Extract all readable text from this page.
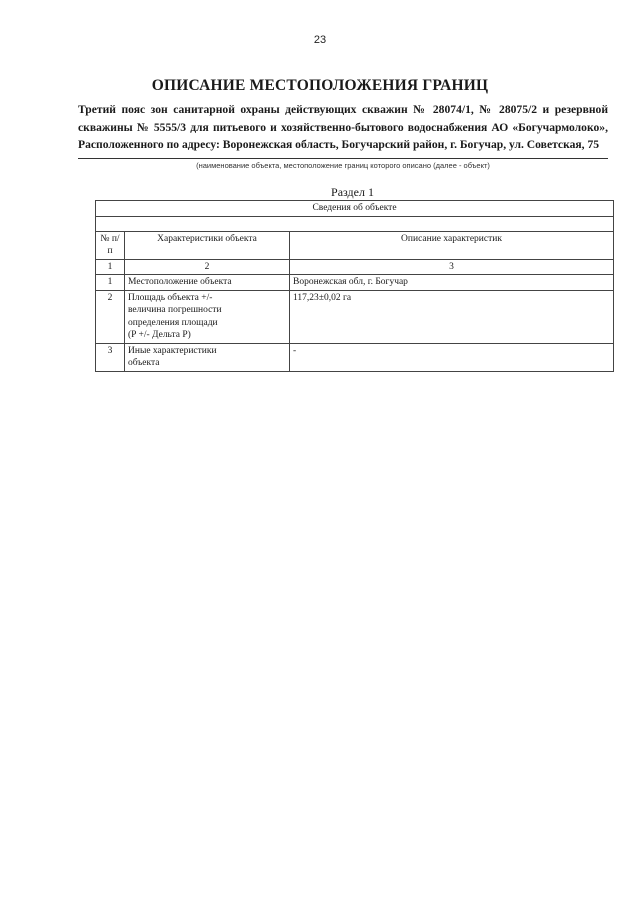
23
ОПИСАНИЕ МЕСТОПОЛОЖЕНИЯ ГРАНИЦ
Третий пояс зон санитарной охраны действующих скважин № 28074/1, № 28075/2 и резервной
скважины № 5555/3 для питьевого и хозяйственно-бытового водоснабжения АО «Богучармолоко»,
Расположенного по адресу: Воронежская область, Богучарский район, г. Богучар, ул. Советская, 75
(наименование объекта, местоположение границ которого описано (далее - объект)
Раздел 1
Сведения об объекте		

№ п/п	Характеристики объекта	Описание характеристик
1	2	3
1	Местоположение объекта	Воронежская обл, г. Богучар
2	Площадь объекта +/-
величина погрешности
определения площади
(P +/- Дельта P)	117,23±0,02 га
3	Иные характеристики
объекта	-
